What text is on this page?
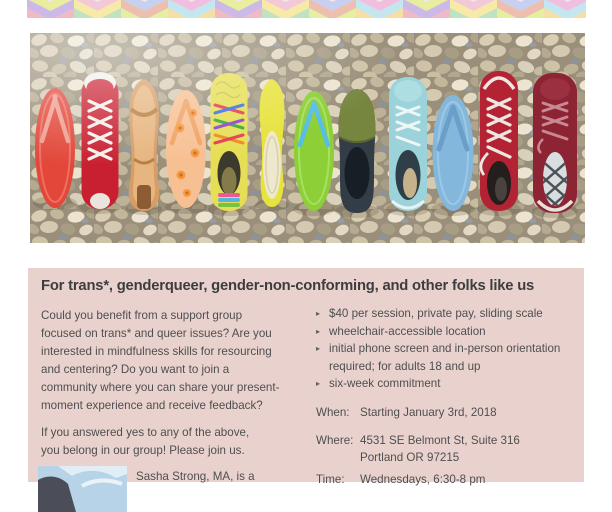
For trans*, genderqueer, gender-non-conforming, and other folks like us
Could you benefit from a support group
focused on trans* and queer issues? Are you
interested in mindfulness skills for resourcing
and centering? Do you want to join a
community where you can share your present-
moment experience and receive feedback?
If you answered yes to any of the above,
you belong in our group! Please join us.
▸ $40 per session, private pay, sliding scale
▸ wheelchair-accessible location
▸ initial phone screen and in-person orientation
required; for adults 18 and up
▸ six-week commitment
When: Starting January 3rd, 2018
Where: 4531 SE Belmont St, Suite 316
Portland OR 97215
Time:	Wednesdays, 6:30-8 pm
Sasha Strong, MA, is a
